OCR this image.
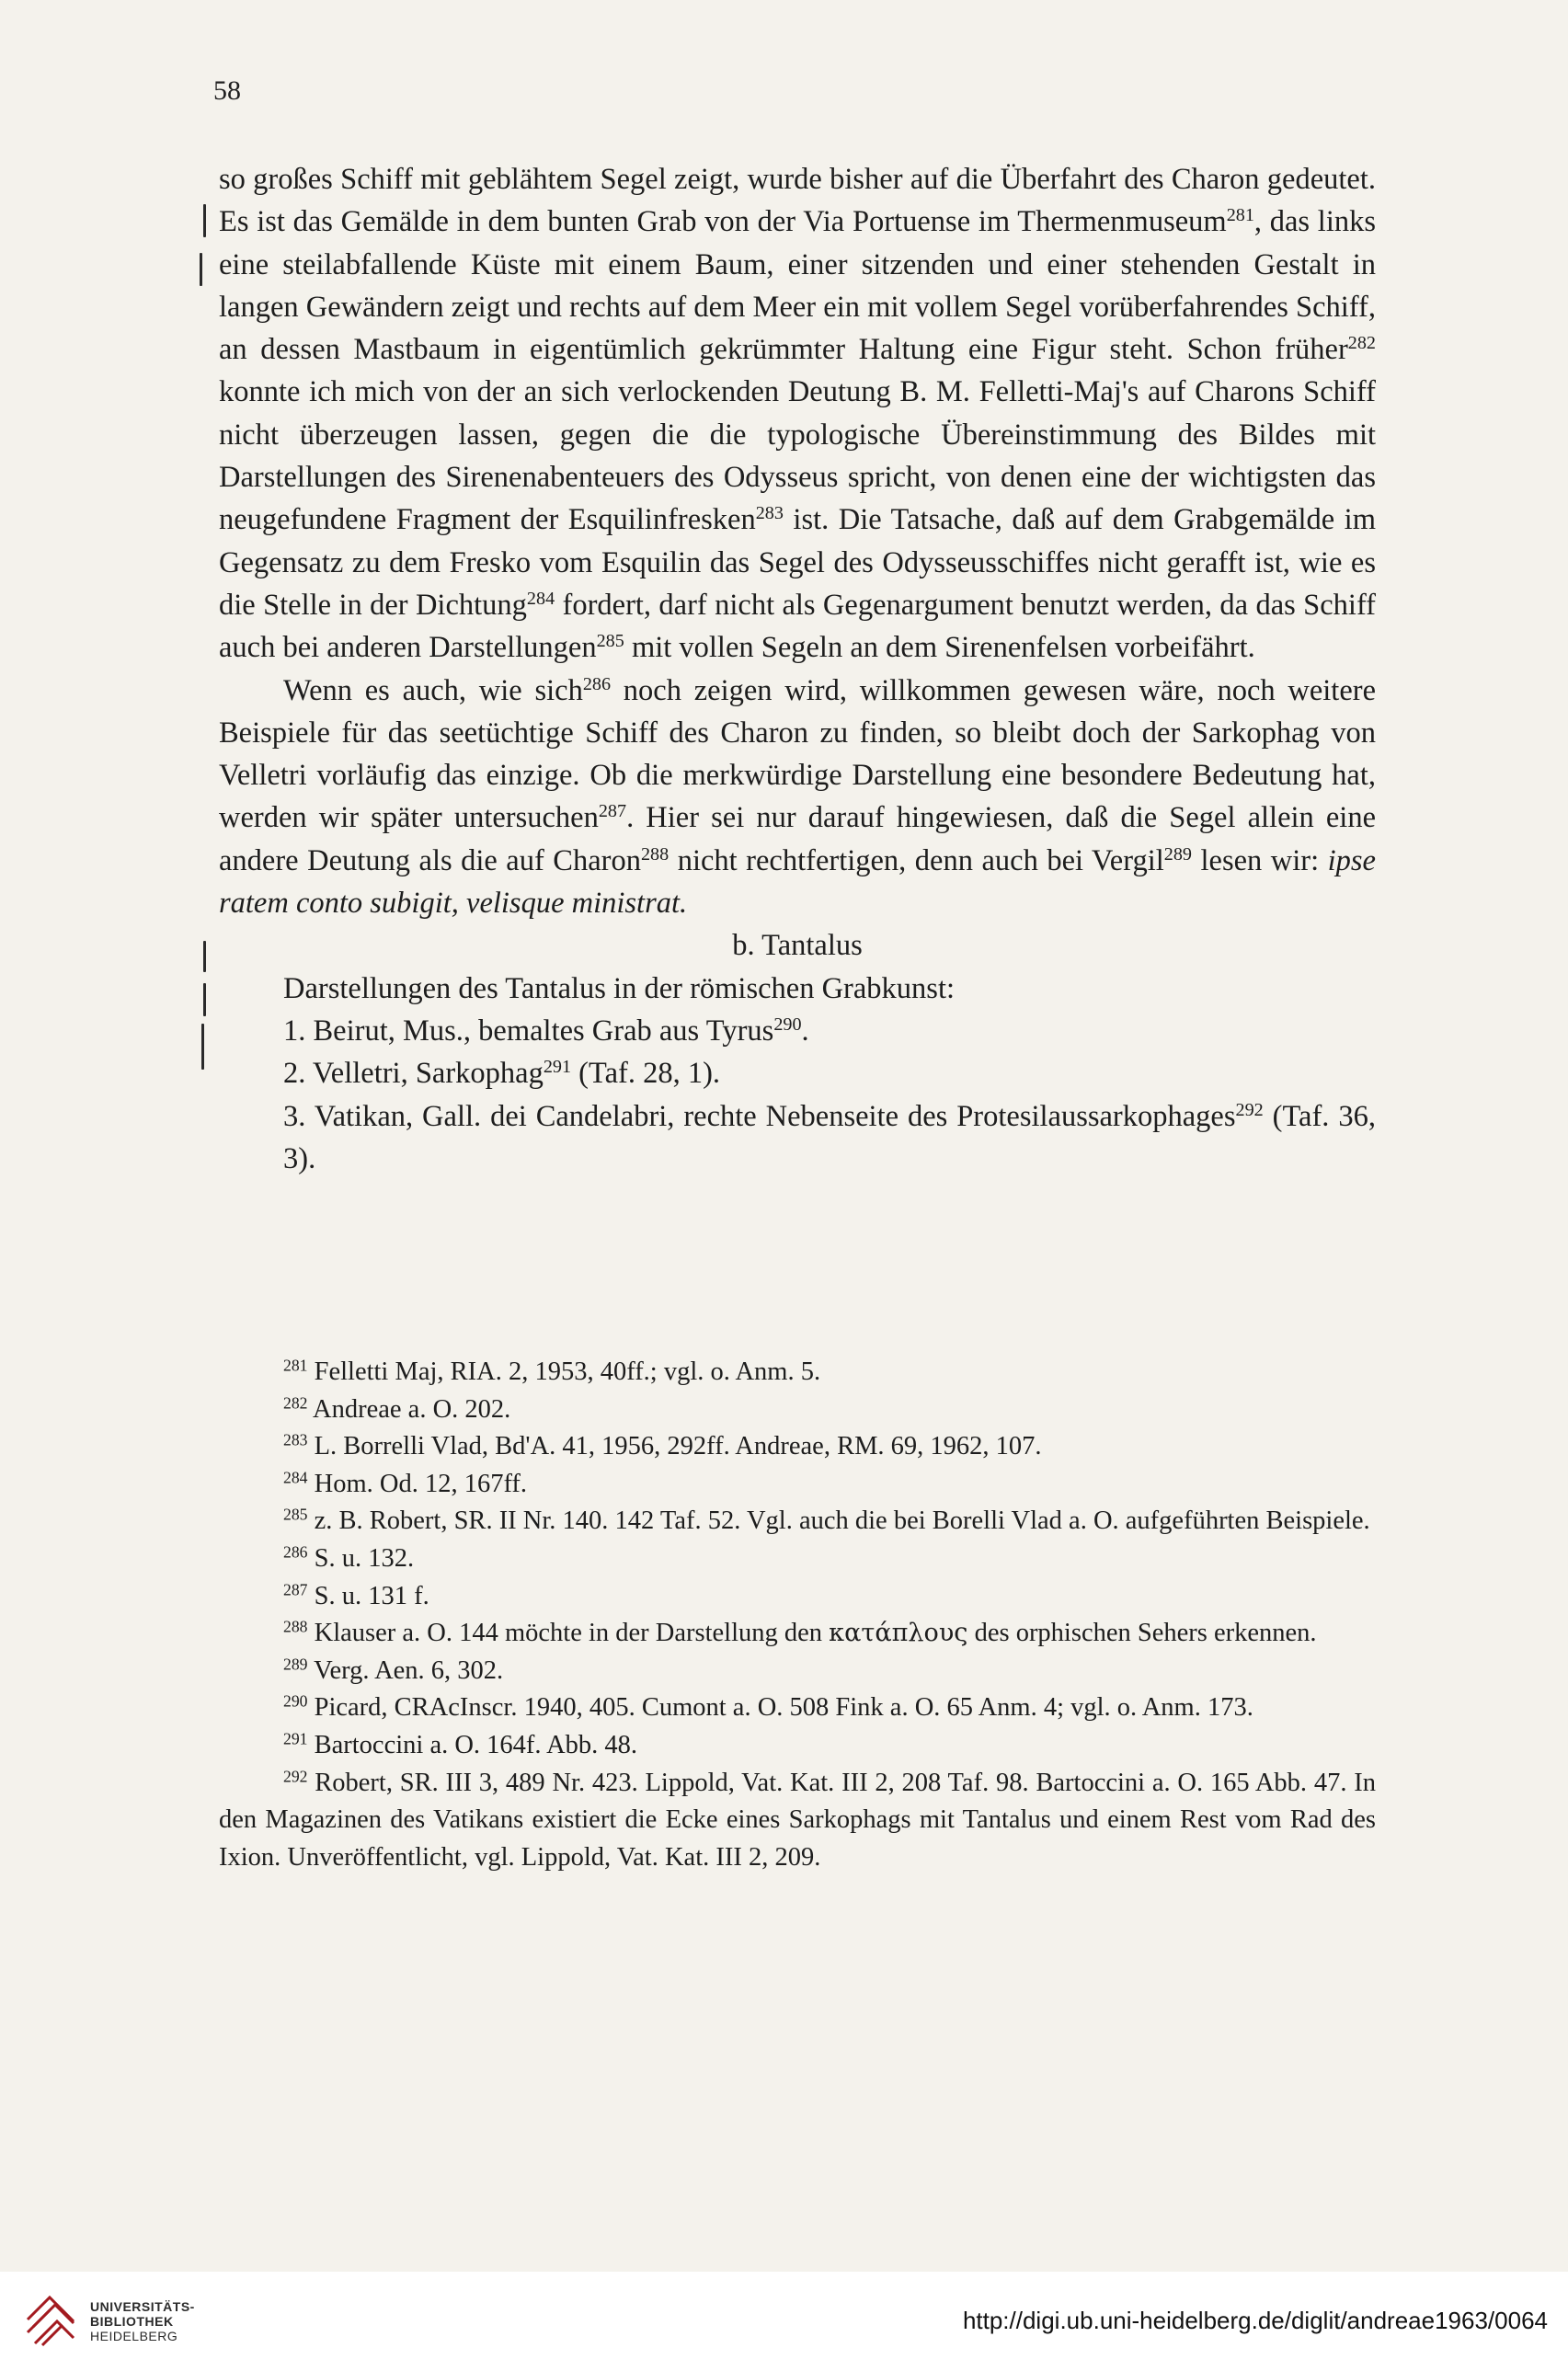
58

so großes Schiff mit geblähtem Segel zeigt, wurde bisher auf die Überfahrt des Charon gedeutet. Es ist das Gemälde in dem bunten Grab von der Via Portuense im Thermenmuseum$^{281}$, das links eine steilabfallende Küste mit einem Baum, einer sitzenden und einer stehenden Gestalt in langen Gewändern zeigt und rechts auf dem Meer ein mit vollem Segel vorüberfahrendes Schiff, an dessen Mastbaum in eigentümlich gekrümmter Haltung eine Figur steht. Schon früher$^{282}$ konnte ich mich von der an sich verlockenden Deutung B. M. Felletti-Maj's auf Charons Schiff nicht überzeugen lassen, gegen die die typologische Übereinstimmung des Bildes mit Darstellungen des Sirenenabenteuers des Odysseus spricht, von denen eine der wichtigsten das neugefundene Fragment der Esquilinfresken$^{283}$ ist. Die Tatsache, daß auf dem Grabgemälde im Gegensatz zu dem Fresko vom Esquilin das Segel des Odysseusschiffes nicht gerafft ist, wie es die Stelle in der Dichtung$^{284}$ fordert, darf nicht als Gegenargument benutzt werden, da das Schiff auch bei anderen Darstellungen$^{285}$ mit vollen Segeln an dem Sirenenfelsen vorbeifährt.

Wenn es auch, wie sich$^{286}$ noch zeigen wird, willkommen gewesen wäre, noch weitere Beispiele für das seetüchtige Schiff des Charon zu finden, so bleibt doch der Sarkophag von Velletri vorläufig das einzige. Ob die merkwürdige Darstellung eine besondere Bedeutung hat, werden wir später untersuchen$^{287}$. Hier sei nur darauf hingewiesen, daß die Segel allein eine andere Deutung als die auf Charon$^{288}$ nicht rechtfertigen, denn auch bei Vergil$^{289}$ lesen wir: ipse ratem conto subigit, velisque ministrat.

b. Tantalus

Darstellungen des Tantalus in der römischen Grabkunst:

1. Beirut, Mus., bemaltes Grab aus Tyrus$^{290}$.

2. Velletri, Sarkophag$^{291}$ (Taf. 28, 1).

3. Vatikan, Gall. dei Candelabri, rechte Nebenseite des Protesilaussarkophages$^{292}$ (Taf. 36, 3).

$^{281}$ Felletti Maj, RIA. 2, 1953, 40ff.; vgl. o. Anm. 5.

$^{282}$ Andreae a. O. 202.

$^{283}$ L. Borrelli Vlad, Bd'A. 41, 1956, 292ff. Andreae, RM. 69, 1962, 107.

$^{284}$ Hom. Od. 12, 167ff.

$^{285}$ z. B. Robert, SR. II Nr. 140. 142 Taf. 52. Vgl. auch die bei Borelli Vlad a. O. aufgeführten Beispiele.

$^{286}$ S. u. 132.

$^{287}$ S. u. 131 f.

$^{288}$ Klauser a. O. 144 möchte in der Darstellung den κατάπλους des orphischen Sehers erkennen.

$^{289}$ Verg. Aen. 6, 302.

$^{290}$ Picard, CRAcInscr. 1940, 405. Cumont a. O. 508 Fink a. O. 65 Anm. 4; vgl. o. Anm. 173.

$^{291}$ Bartoccini a. O. 164f. Abb. 48.

$^{292}$ Robert, SR. III 3, 489 Nr. 423. Lippold, Vat. Kat. III 2, 208 Taf. 98. Bartoccini a. O. 165 Abb. 47. In den Magazinen des Vatikans existiert die Ecke eines Sarkophags mit Tantalus und einem Rest vom Rad des Ixion. Unveröffentlicht, vgl. Lippold, Vat. Kat. III 2, 209.

UNIVERSITÄTS-
BIBLIOTHEK
HEIDELBERG
http://digi.ub.uni-heidelberg.de/diglit/andreae1963/0064
